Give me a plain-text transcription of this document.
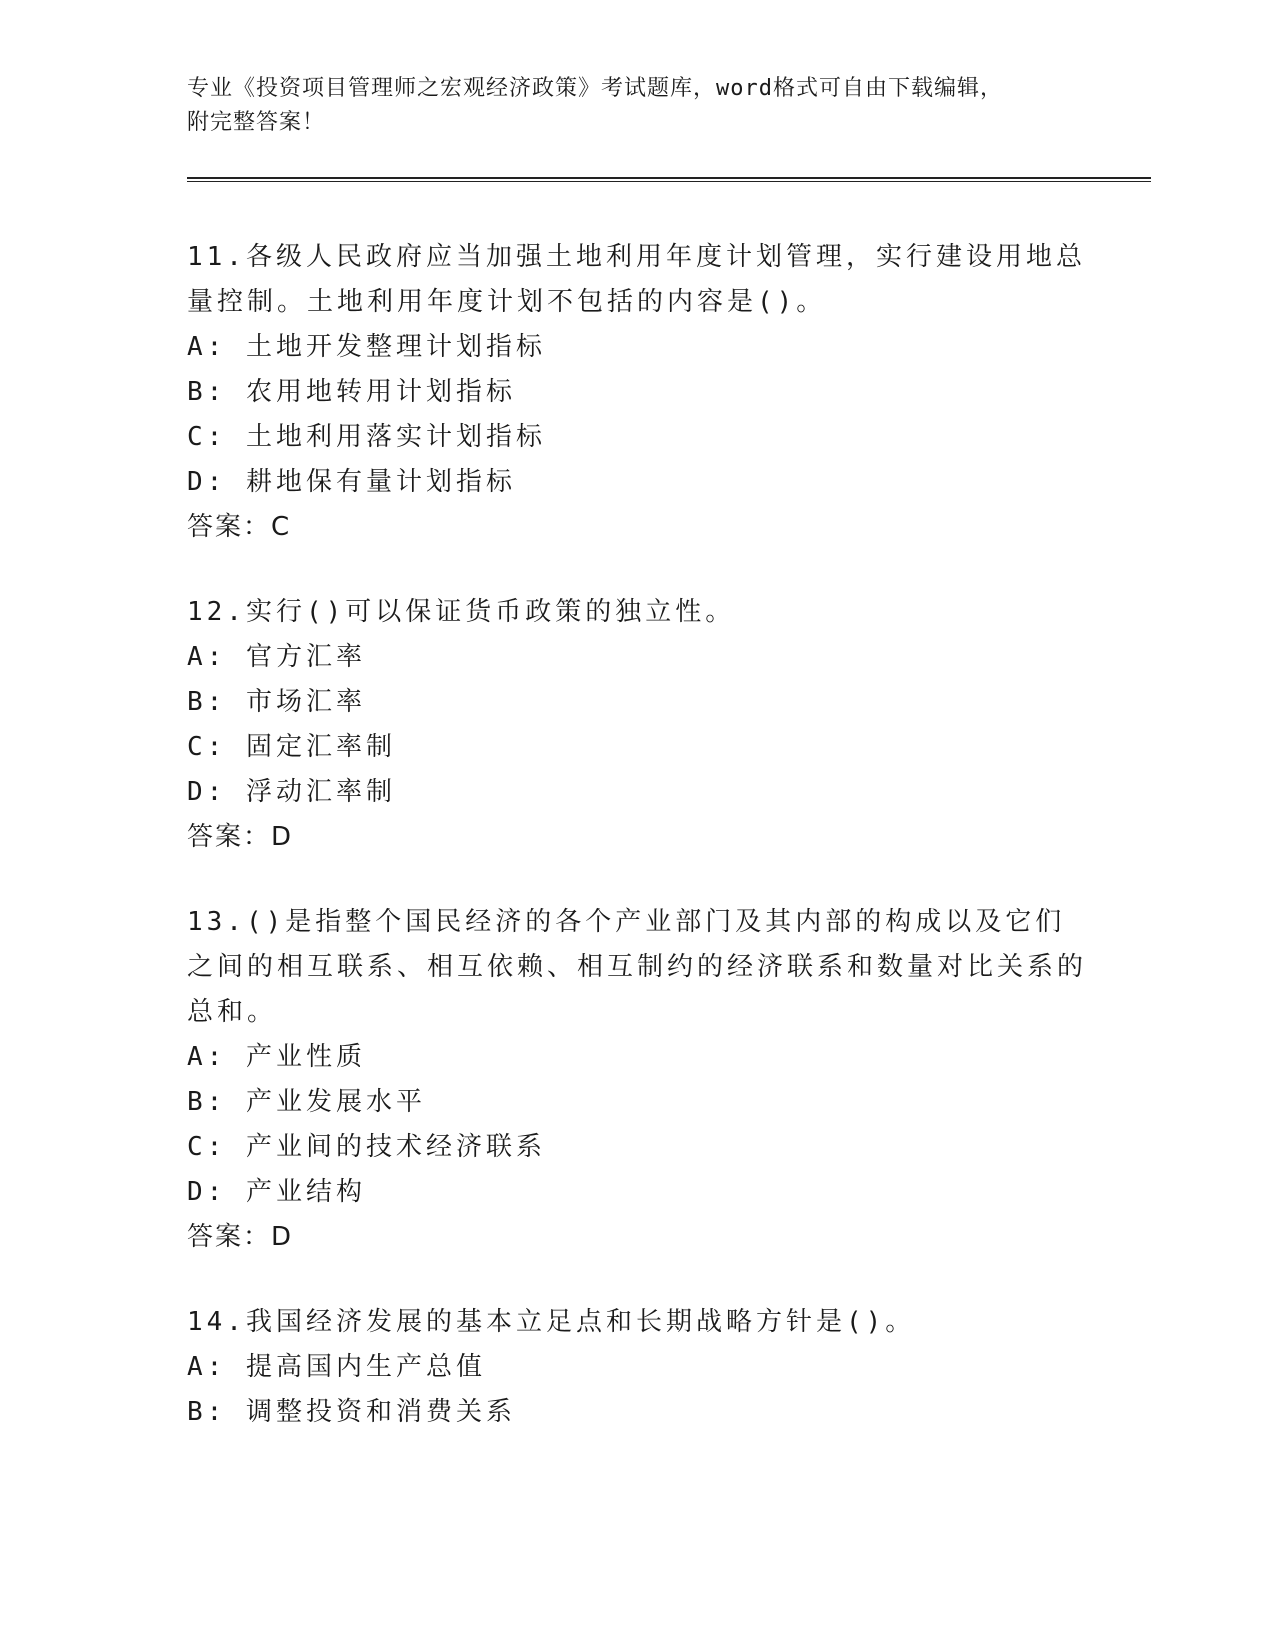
专业《投资项目管理师之宏观经济政策》考试题库，word格式可自由下载编辑，
附完整答案！

11.各级人民政府应当加强土地利用年度计划管理，实行建设用地总量控制。土地利用年度计划不包括的内容是()。

A: 土地开发整理计划指标

B: 农用地转用计划指标

C: 土地利用落实计划指标

D: 耕地保有量计划指标

答案：C

12.实行()可以保证货币政策的独立性。

A: 官方汇率

B: 市场汇率

C: 固定汇率制

D: 浮动汇率制

答案：D

13.()是指整个国民经济的各个产业部门及其内部的构成以及它们之间的相互联系、相互依赖、相互制约的经济联系和数量对比关系的总和。

A: 产业性质

B: 产业发展水平

C: 产业间的技术经济联系

D: 产业结构

答案：D

14.我国经济发展的基本立足点和长期战略方针是()。

A: 提高国内生产总值

B: 调整投资和消费关系
